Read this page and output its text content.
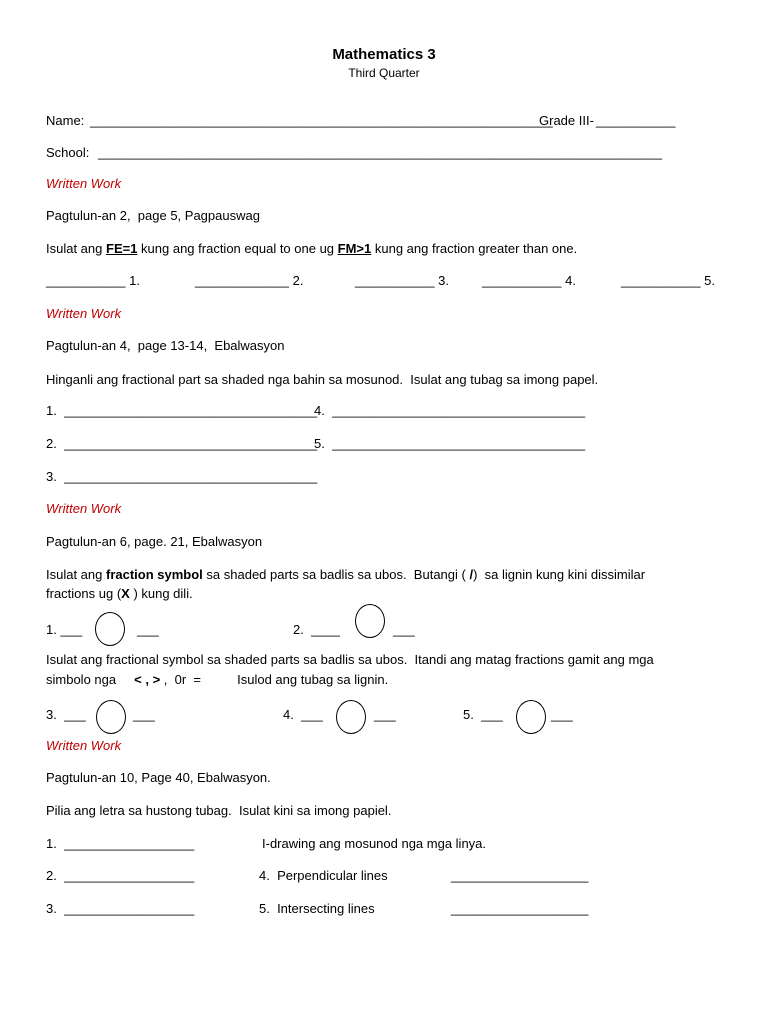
Mathematics 3
Third Quarter
Name: ________________________________________________________________
Grade III- ___________
School: ______________________________________________________________________________
Written Work
Pagtulun-an 2,  page 5, Pagpauswag
Isulat ang FE=1 kung ang fraction equal to one ug FM>1 kung ang fraction greater than one.
___________ 1.	_____________ 2.	___________ 3.	___________ 4.	___________ 5.
Written Work
Pagtulun-an 4,  page 13-14,  Ebalwasyon
Hinganli ang fractional part sa shaded nga bahin sa mosunod.  Isulat ang tubag sa imong papel.
1.  ___________________________________
4.  ___________________________________
2.  ___________________________________
5.  ___________________________________
3.  ___________________________________
Written Work
Pagtulun-an 6, page. 21, Ebalwasyon
Isulat ang fraction symbol sa shaded parts sa badlis sa ubos.  Butangi ( /)  sa lignin kung kini dissimilar
fractions ug (X ) kung dili.
1. ___	___	2.  ____	___
Isulat ang fractional symbol sa shaded parts sa badlis sa ubos.  Itandi ang matag fractions gamit ang mga
simbolo nga     < , > ,  0r  =          Isulod ang tubag sa lignin.
3.  ___	___	4.  ___	___	5.  ___	___
Written Work
Pagtulun-an 10, Page 40, Ebalwasyon.
Pilia ang letra sa hustong tubag.  Isulat kini sa imong papiel.
1.  __________________	I-drawing ang mosunod nga mga linya.
2.  __________________	4.  Perpendicular lines	___________________
3.  __________________	5.  Intersecting lines	___________________
